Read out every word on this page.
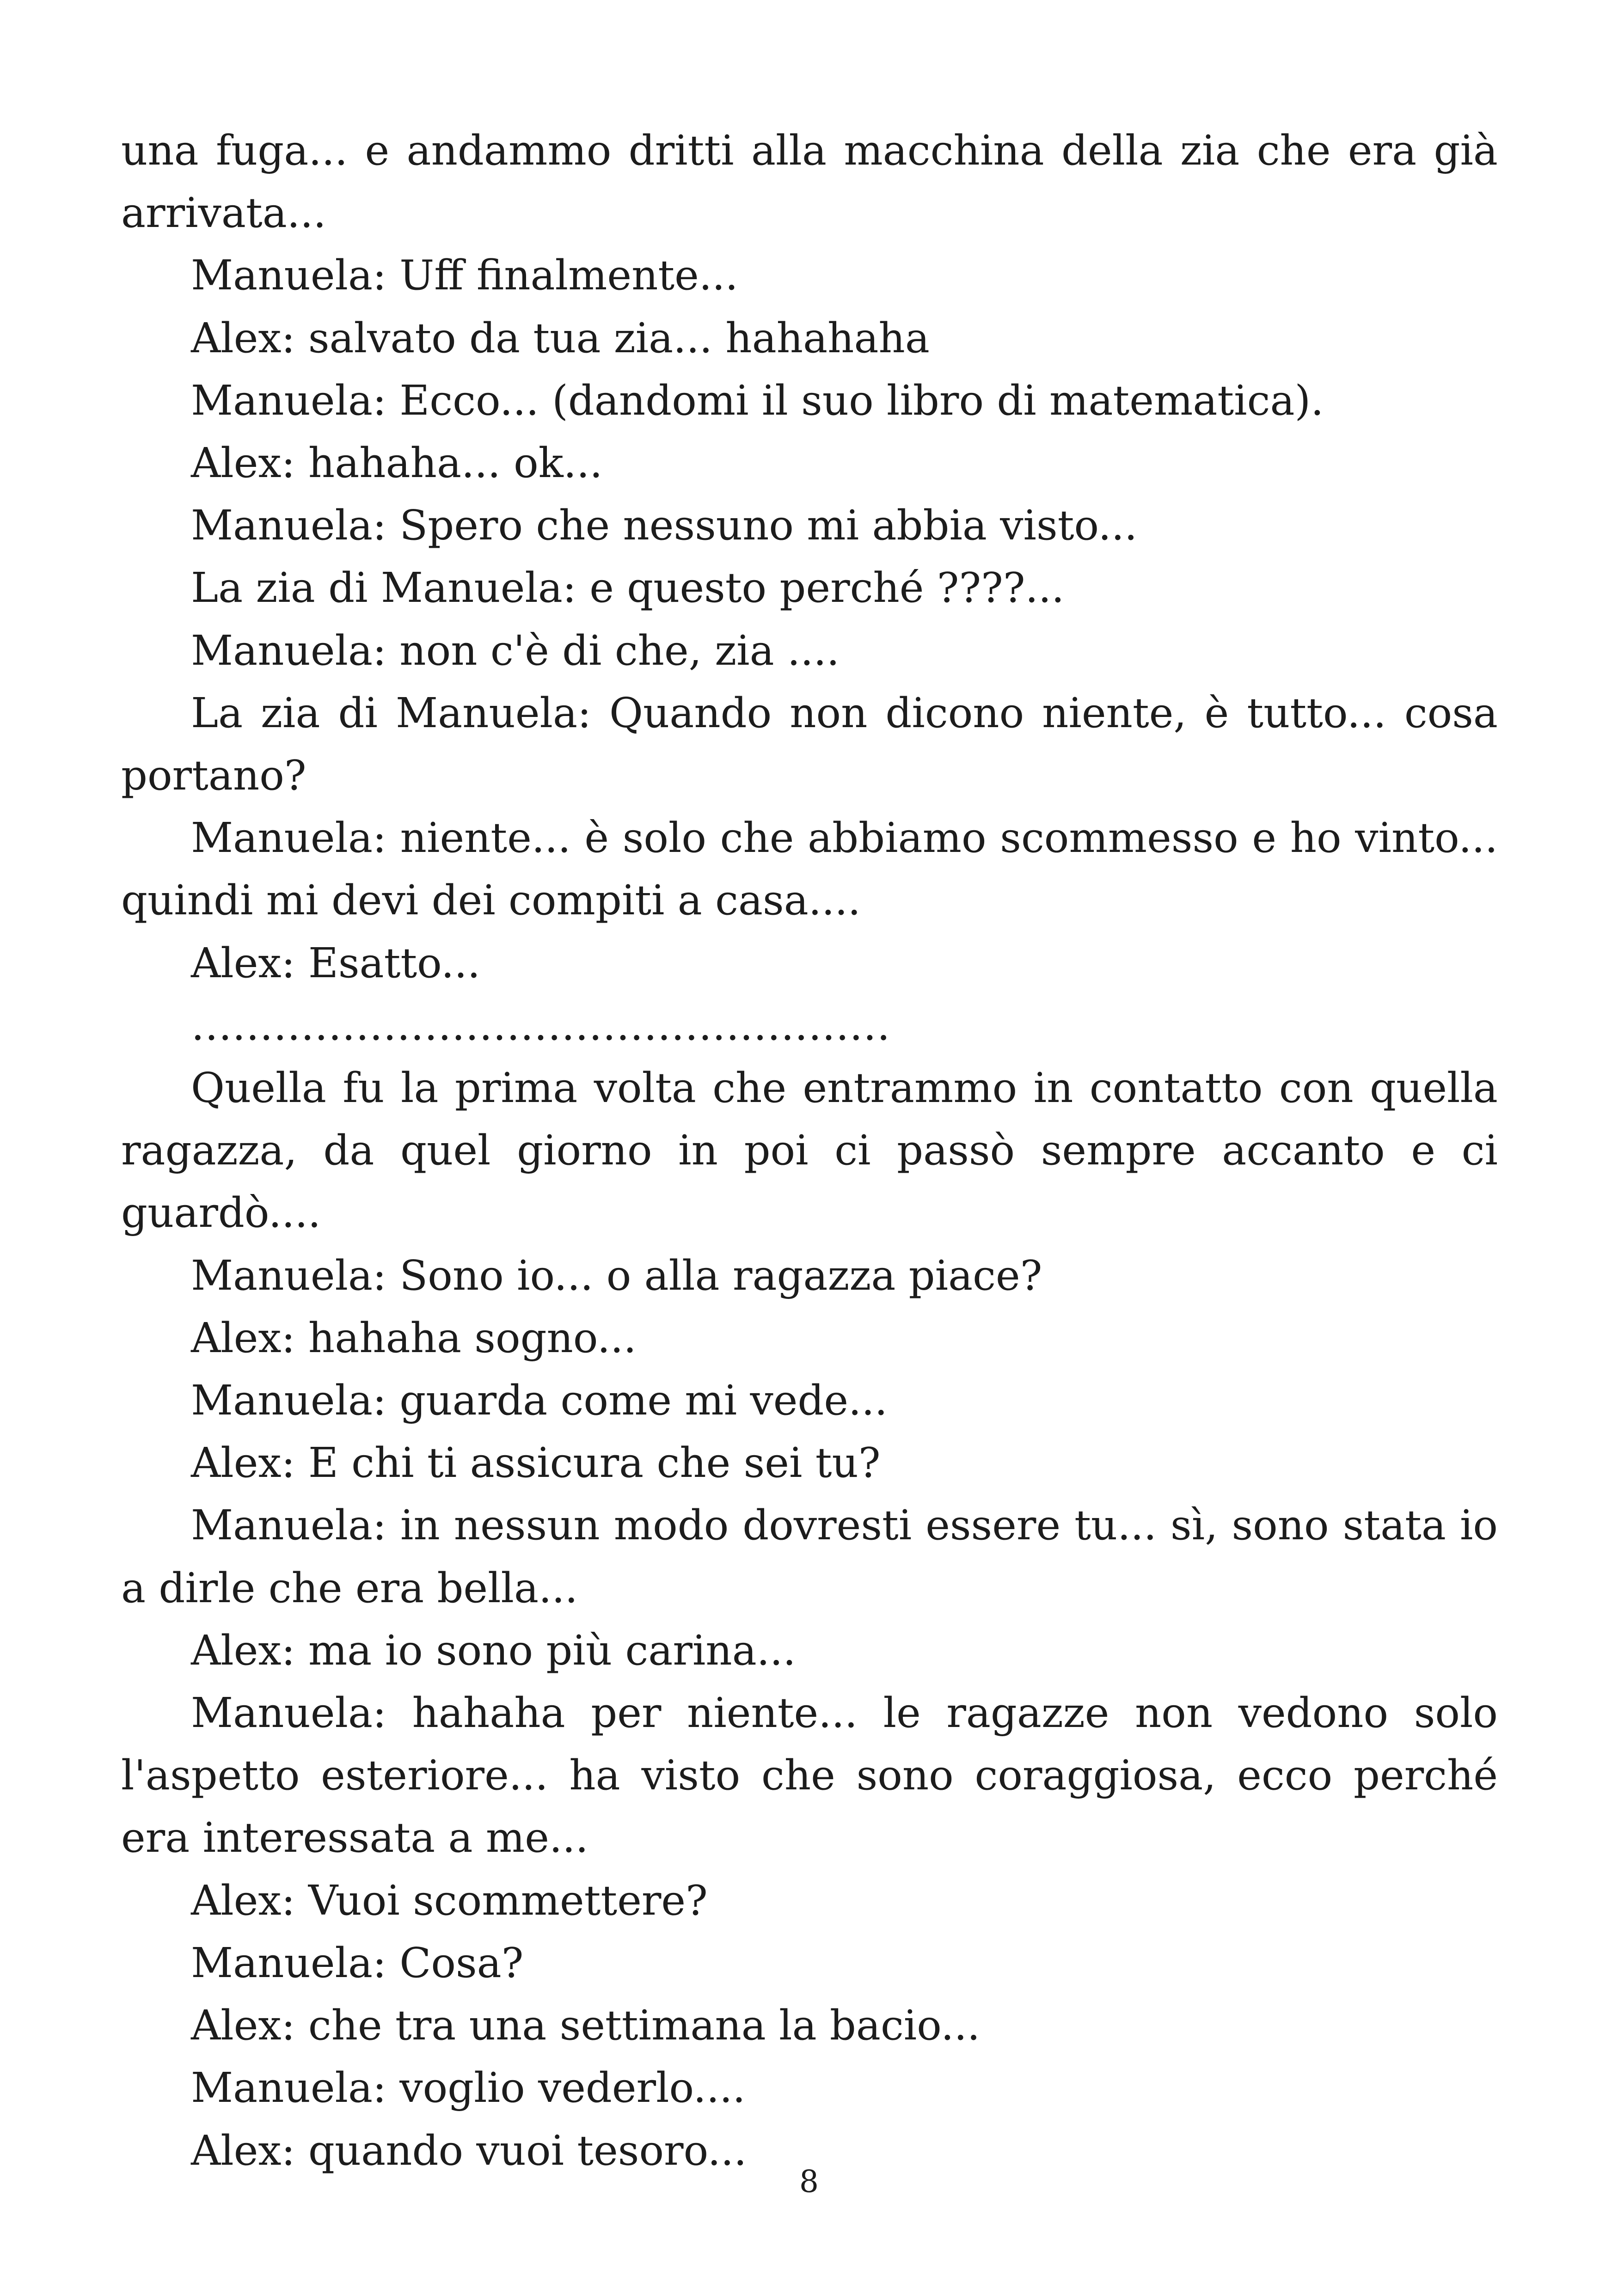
una fuga... e andammo dritti alla macchina della zia che era già arrivata...

Manuela: Uff finalmente...

Alex: salvato da tua zia... hahahaha

Manuela: Ecco... (dandomi il suo libro di matematica).

Alex: hahaha... ok...

Manuela: Spero che nessuno mi abbia visto...

La zia di Manuela: e questo perché ????...

Manuela: non c'è di che, zia ....

La zia di Manuela: Quando non dicono niente, è tutto... cosa portano?

Manuela: niente... è solo che abbiamo scommesso e ho vinto... quindi mi devi dei compiti a casa....

Alex: Esatto...

……………………………………………

Quella fu la prima volta che entrammo in contatto con quella ragazza, da quel giorno in poi ci passò sempre accanto e ci guardò....

Manuela: Sono io... o alla ragazza piace?

Alex: hahaha sogno...

Manuela: guarda come mi vede...

Alex: E chi ti assicura che sei tu?

Manuela: in nessun modo dovresti essere tu... sì, sono stata io a dirle che era bella...

Alex: ma io sono più carina...

Manuela: hahaha per niente... le ragazze non vedono solo l'aspetto esteriore... ha visto che sono coraggiosa, ecco perché era interessata a me...

Alex: Vuoi scommettere?

Manuela: Cosa?

Alex: che tra una settimana la bacio...

Manuela: voglio vederlo....

Alex: quando vuoi tesoro...

8
